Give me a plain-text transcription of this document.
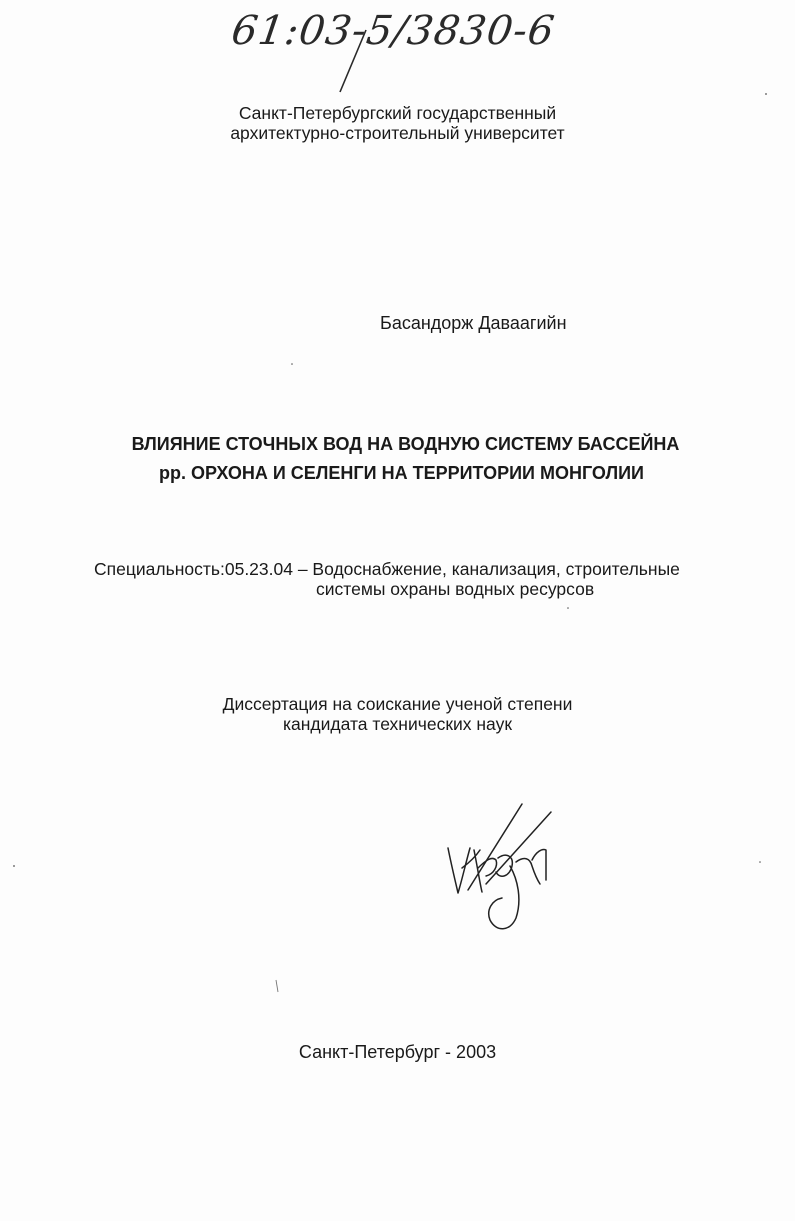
61:03-5/3830-6
Санкт-Петербургский государственный
архитектурно-строительный университет
Басандорж Даваагийн
ВЛИЯНИЕ СТОЧНЫХ ВОД НА ВОДНУЮ СИСТЕМУ БАССЕЙНА
рр. ОРХОНА И СЕЛЕНГИ НА ТЕРРИТОРИИ МОНГОЛИИ
Специальность:05.23.04 – Водоснабжение, канализация, строительные
системы охраны водных ресурсов
Диссертация на соискание ученой степени
кандидата технических наук
Санкт-Петербург - 2003
